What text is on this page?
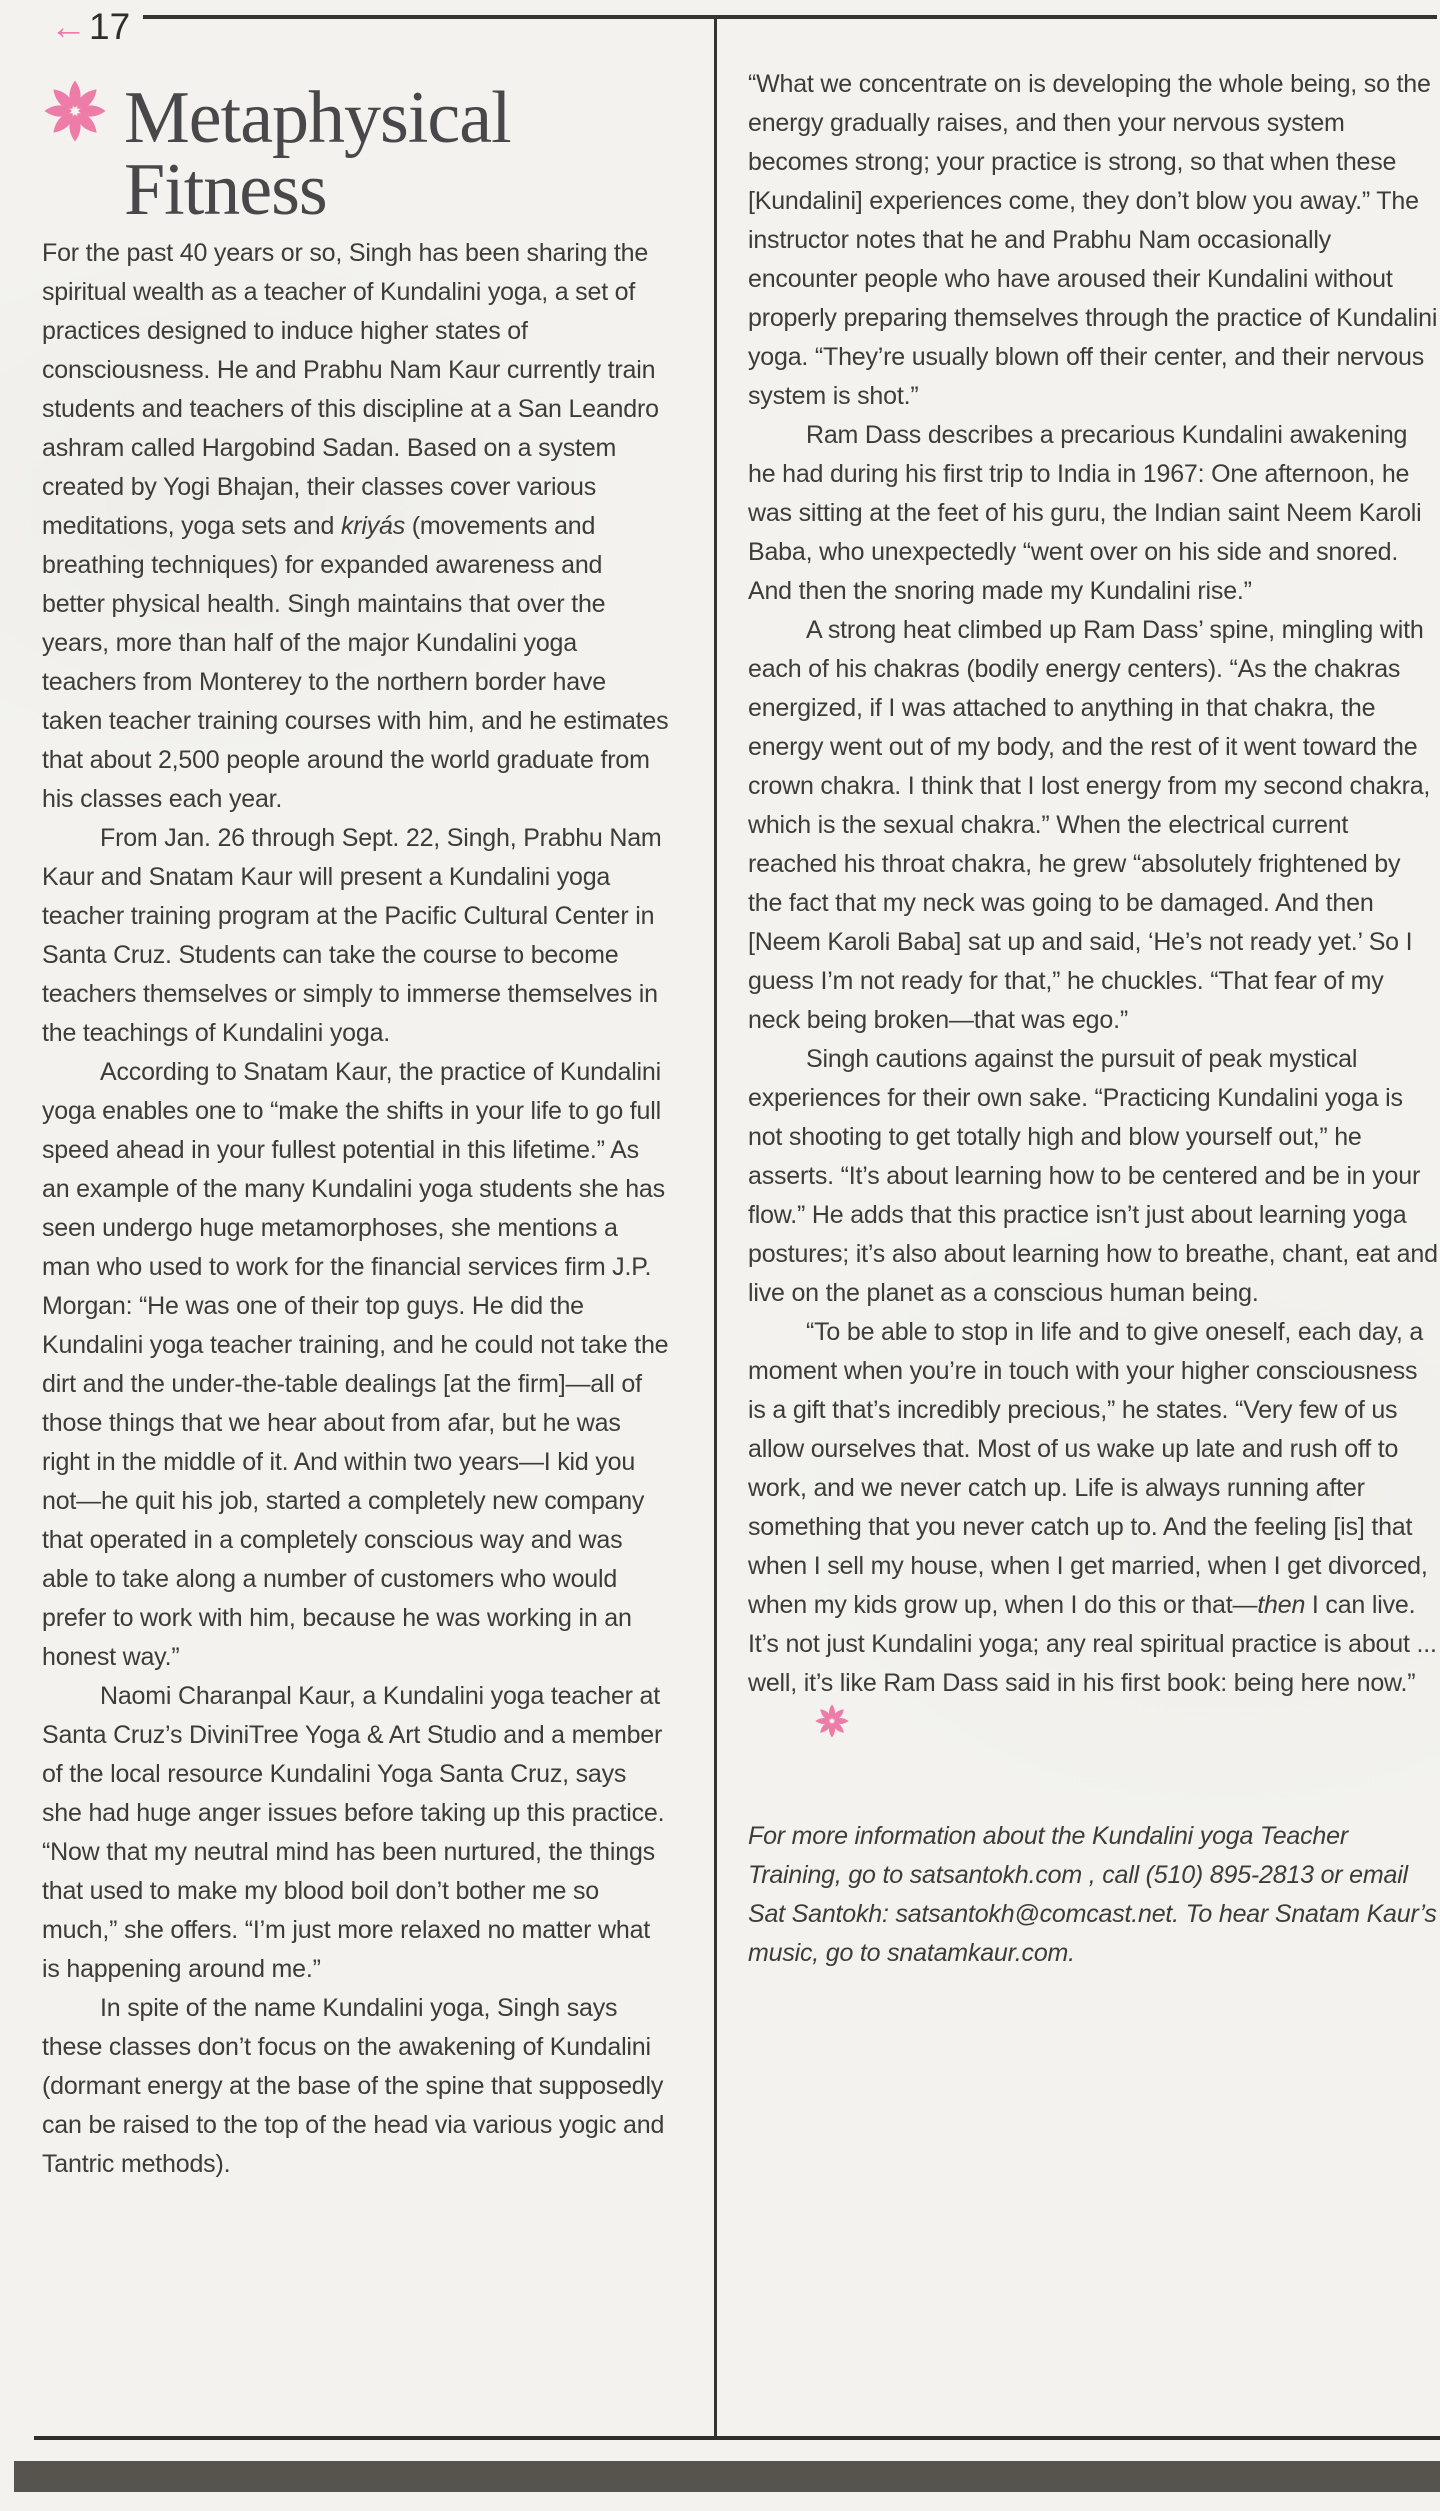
←17
Metaphysical
Fitness

For the past 40 years or so, Singh has been sharing the spiritual wealth as a teacher of Kundalini yoga, a set of practices designed to induce higher states of consciousness. He and Prabhu Nam Kaur currently train students and teachers of this discipline at a San Leandro ashram called Hargobind Sadan. Based on a system created by Yogi Bhajan, their classes cover various meditations, yoga sets and kriyás (movements and breathing techniques) for expanded awareness and better physical health. Singh maintains that over the years, more than half of the major Kundalini yoga teachers from Monterey to the northern border have taken teacher training courses with him, and he estimates that about 2,500 people around the world graduate from his classes each year.

From Jan. 26 through Sept. 22, Singh, Prabhu Nam Kaur and Snatam Kaur will present a Kundalini yoga teacher training program at the Pacific Cultural Center in Santa Cruz. Students can take the course to become teachers themselves or simply to immerse themselves in the teachings of Kundalini yoga.

According to Snatam Kaur, the practice of Kundalini yoga enables one to “make the shifts in your life to go full speed ahead in your fullest potential in this lifetime.” As an example of the many Kundalini yoga students she has seen undergo huge metamorphoses, she mentions a man who used to work for the financial services firm J.P. Morgan: “He was one of their top guys. He did the Kundalini yoga teacher training, and he could not take the dirt and the under-the-table dealings [at the firm]—all of those things that we hear about from afar, but he was right in the middle of it. And within two years—I kid you not—he quit his job, started a completely new company that operated in a completely conscious way and was able to take along a number of customers who would prefer to work with him, because he was working in an honest way.”

Naomi Charanpal Kaur, a Kundalini yoga teacher at Santa Cruz’s DiviniTree Yoga & Art Studio and a member of the local resource Kundalini Yoga Santa Cruz, says she had huge anger issues before taking up this practice. “Now that my neutral mind has been nurtured, the things that used to make my blood boil don’t bother me so much,” she offers. “I’m just more relaxed no matter what is happening around me.”

In spite of the name Kundalini yoga, Singh says these classes don’t focus on the awakening of Kundalini (dormant energy at the base of the spine that supposedly can be raised to the top of the head via various yogic and Tantric methods).

“What we concentrate on is developing the whole being, so the energy gradually raises, and then your nervous system becomes strong; your practice is strong, so that when these [Kundalini] experiences come, they don’t blow you away.” The instructor notes that he and Prabhu Nam occasionally encounter people who have aroused their Kundalini without properly preparing themselves through the practice of Kundalini yoga. “They’re usually blown off their center, and their nervous system is shot.”

Ram Dass describes a precarious Kundalini awakening he had during his first trip to India in 1967: One afternoon, he was sitting at the feet of his guru, the Indian saint Neem Karoli Baba, who unexpectedly “went over on his side and snored. And then the snoring made my Kundalini rise.”

A strong heat climbed up Ram Dass’ spine, mingling with each of his chakras (bodily energy centers). “As the chakras energized, if I was attached to anything in that chakra, the energy went out of my body, and the rest of it went toward the crown chakra. I think that I lost energy from my second chakra, which is the sexual chakra.” When the electrical current reached his throat chakra, he grew “absolutely frightened by the fact that my neck was going to be damaged. And then [Neem Karoli Baba] sat up and said, ‘He’s not ready yet.’ So I guess I’m not ready for that,” he chuckles. “That fear of my neck being broken—that was ego.”

Singh cautions against the pursuit of peak mystical experiences for their own sake. “Practicing Kundalini yoga is not shooting to get totally high and blow yourself out,” he asserts. “It’s about learning how to be centered and be in your flow.” He adds that this practice isn’t just about learning yoga postures; it’s also about learning how to breathe, chant, eat and live on the planet as a conscious human being.

“To be able to stop in life and to give oneself, each day, a moment when you’re in touch with your higher consciousness is a gift that’s incredibly precious,” he states. “Very few of us allow ourselves that. Most of us wake up late and rush off to work, and we never catch up. Life is always running after something that you never catch up to. And the feeling [is] that when I sell my house, when I get married, when I get divorced, when my kids grow up, when I do this or that—then I can live. It’s not just Kundalini yoga; any real spiritual practice is about ... well, it’s like Ram Dass said in his first book: being here now.”

For more information about the Kundalini yoga Teacher Training, go to satsantokh.com , call (510) 895-2813 or email Sat Santokh: satsantokh@comcast.net. To hear Snatam Kaur’s music, go to snatamkaur.com.
